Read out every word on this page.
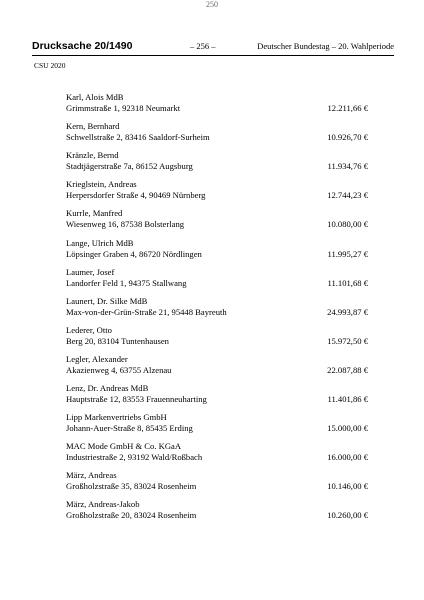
250
Drucksache 20/1490	– 256 –	Deutscher Bundestag – 20. Wahlperiode
CSU 2020
Karl, Alois MdB
Grimmstraße 1, 92318 Neumarkt	12.211,66 €
Kern, Bernhard
Schwellstraße 2, 83416 Saaldorf-Surheim	10.926,70 €
Kränzle, Bernd
Stadtjägerstraße 7a, 86152 Augsburg	11.934,76 €
Krieglstein, Andreas
Herpersdorfer Straße 4, 90469 Nürnberg	12.744,23 €
Kurrle, Manfred
Wiesenweg 16, 87538 Bolsterlang	10.080,00 €
Lange, Ulrich MdB
Löpsinger Graben 4, 86720 Nördlingen	11.995,27 €
Laumer, Josef
Landorfer Feld 1, 94375 Stallwang	11.101,68 €
Launert, Dr. Silke MdB
Max-von-der-Grün-Straße 21, 95448 Bayreuth	24.993,87 €
Lederer, Otto
Berg 20, 83104 Tuntenhausen	15.972,50 €
Legler, Alexander
Akazienweg 4, 63755 Alzenau	22.087,88 €
Lenz, Dr. Andreas MdB
Hauptstraße 12, 83553 Frauenneuharting	11.401,86 €
Lipp Markenvertriebs GmbH
Johann-Auer-Straße 8, 85435 Erding	15.000,00 €
MAC Mode GmbH & Co. KGaA
Industriestraße 2, 93192 Wald/Roßbach	16.000,00 €
März, Andreas
Großholzstraße 35, 83024 Rosenheim	10.146,00 €
März, Andreas-Jakob
Großholzstraße 20, 83024 Rosenheim	10.260,00 €
